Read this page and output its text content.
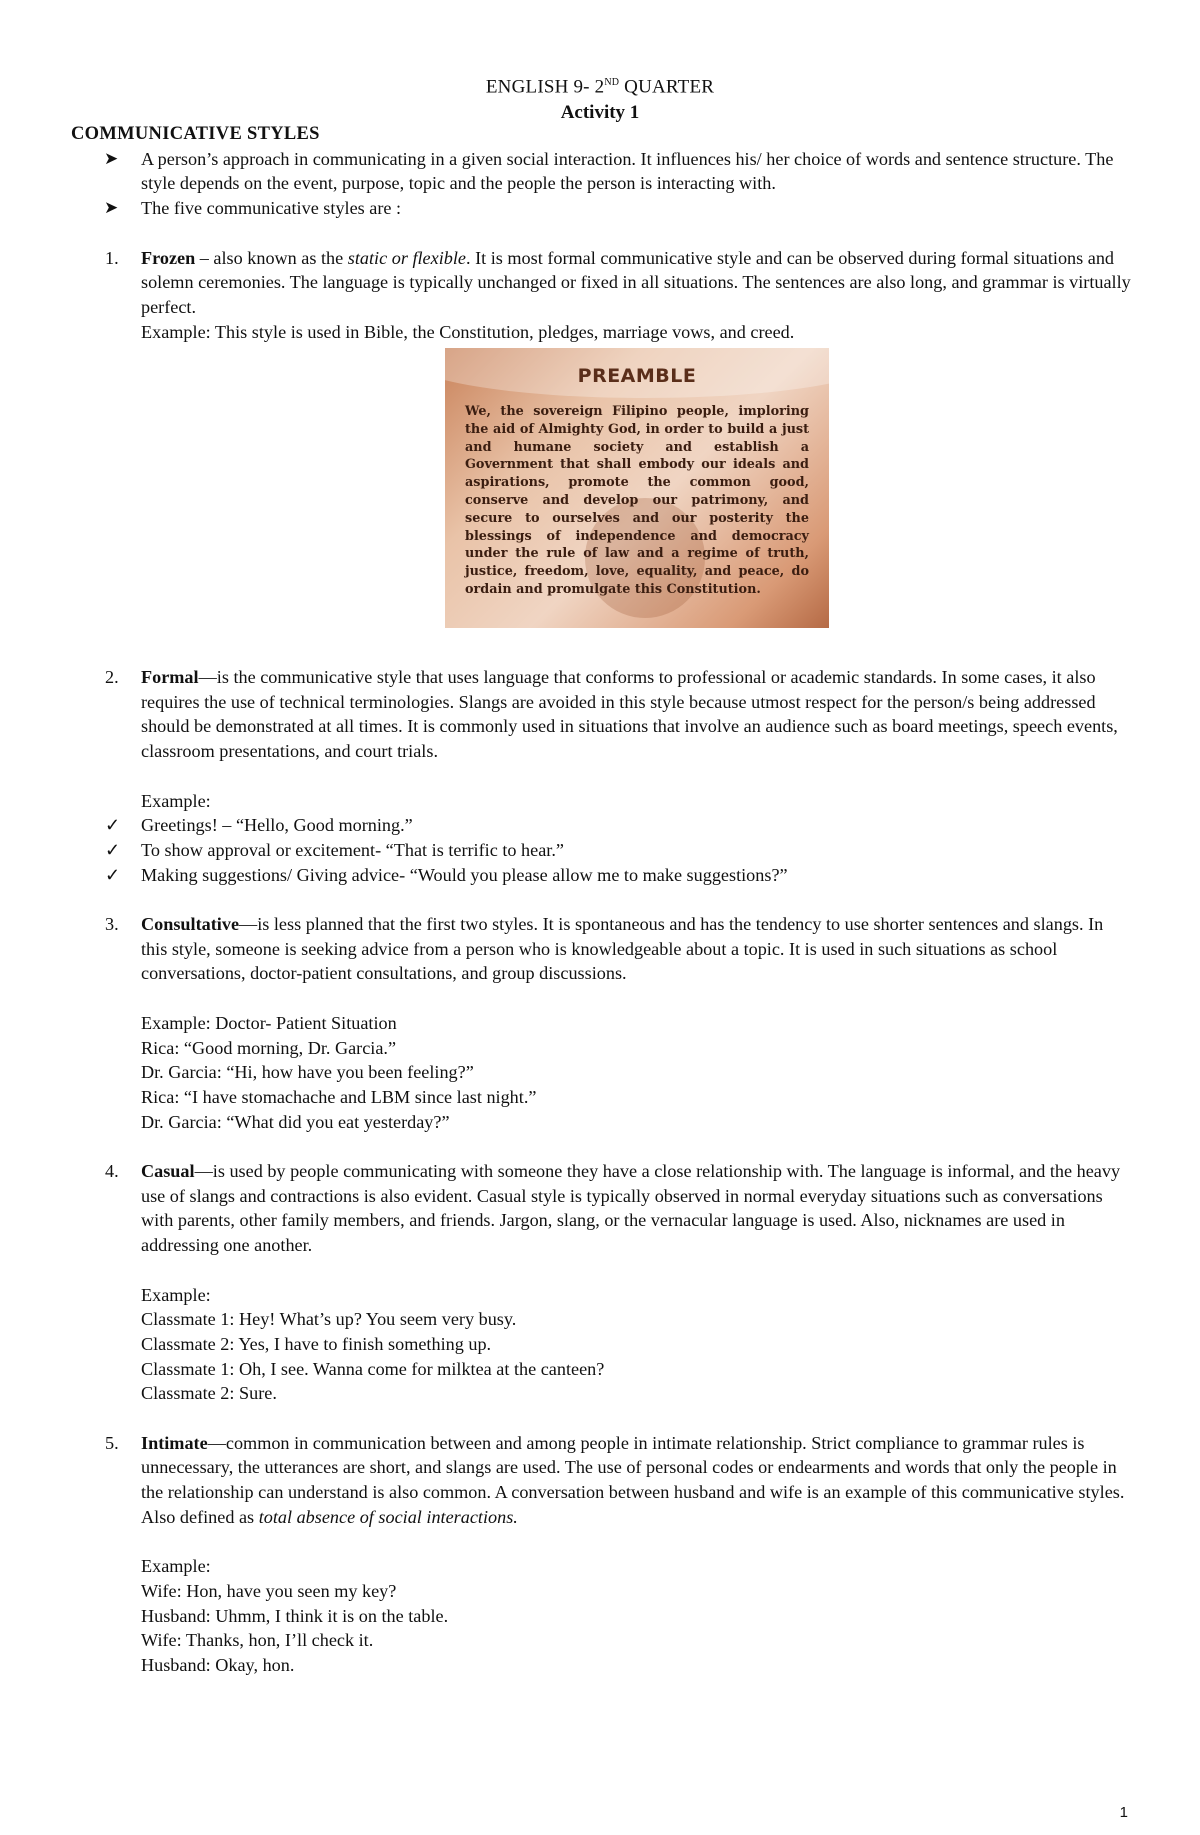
ENGLISH 9- 2ND QUARTER
Activity 1
COMMUNICATIVE STYLES
➤ A person’s approach in communicating in a given social interaction. It influences his/ her choice of words and sentence structure. The style depends on the event, purpose, topic and the people the person is interacting with.
➤ The five communicative styles are :
1. Frozen – also known as the static or flexible. It is most formal communicative style and can be observed during formal situations and solemn ceremonies. The language is typically unchanged or fixed in all situations. The sentences are also long, and grammar is virtually perfect.
Example: This style is used in Bible, the Constitution, pledges, marriage vows, and creed.
PREAMBLE
We, the sovereign Filipino people, imploring the aid of Almighty God, in order to build a just and humane society and establish a Government that shall embody our ideals and aspirations, promote the common good, conserve and develop our patrimony, and secure to ourselves and our posterity the blessings of independence and democracy under the rule of law and a regime of truth, justice, freedom, love, equality, and peace, do ordain and promulgate this Constitution.
2. Formal—is the communicative style that uses language that conforms to professional or academic standards. In some cases, it also requires the use of technical terminologies. Slangs are avoided in this style because utmost respect for the person/s being addressed should be demonstrated at all times. It is commonly used in situations that involve an audience such as board meetings, speech events, classroom presentations, and court trials.
Example:
✓ Greetings! – “Hello, Good morning.”
✓ To show approval or excitement- “That is terrific to hear.”
✓ Making suggestions/ Giving advice- “Would you please allow me to make suggestions?”
3. Consultative—is less planned that the first two styles. It is spontaneous and has the tendency to use shorter sentences and slangs. In this style, someone is seeking advice from a person who is knowledgeable about a topic. It is used in such situations as school conversations, doctor-patient consultations, and group discussions.
Example: Doctor- Patient Situation
Rica: “Good morning, Dr. Garcia.”
Dr. Garcia: “Hi, how have you been feeling?”
Rica: “I have stomachache and LBM since last night.”
Dr. Garcia: “What did you eat yesterday?”
4. Casual—is used by people communicating with someone they have a close relationship with. The language is informal, and the heavy use of slangs and contractions is also evident. Casual style is typically observed in normal everyday situations such as conversations with parents, other family members, and friends. Jargon, slang, or the vernacular language is used. Also, nicknames are used in addressing one another.
Example:
Classmate 1: Hey! What’s up? You seem very busy.
Classmate 2: Yes, I have to finish something up.
Classmate 1: Oh, I see. Wanna come for milktea at the canteen?
Classmate 2: Sure.
5. Intimate—common in communication between and among people in intimate relationship. Strict compliance to grammar rules is unnecessary, the utterances are short, and slangs are used. The use of personal codes or endearments and words that only the people in the relationship can understand is also common. A conversation between husband and wife is an example of this communicative styles. Also defined as total absence of social interactions.
Example:
Wife: Hon, have you seen my key?
Husband: Uhmm, I think it is on the table.
Wife: Thanks, hon, I’ll check it.
Husband: Okay, hon.
1
